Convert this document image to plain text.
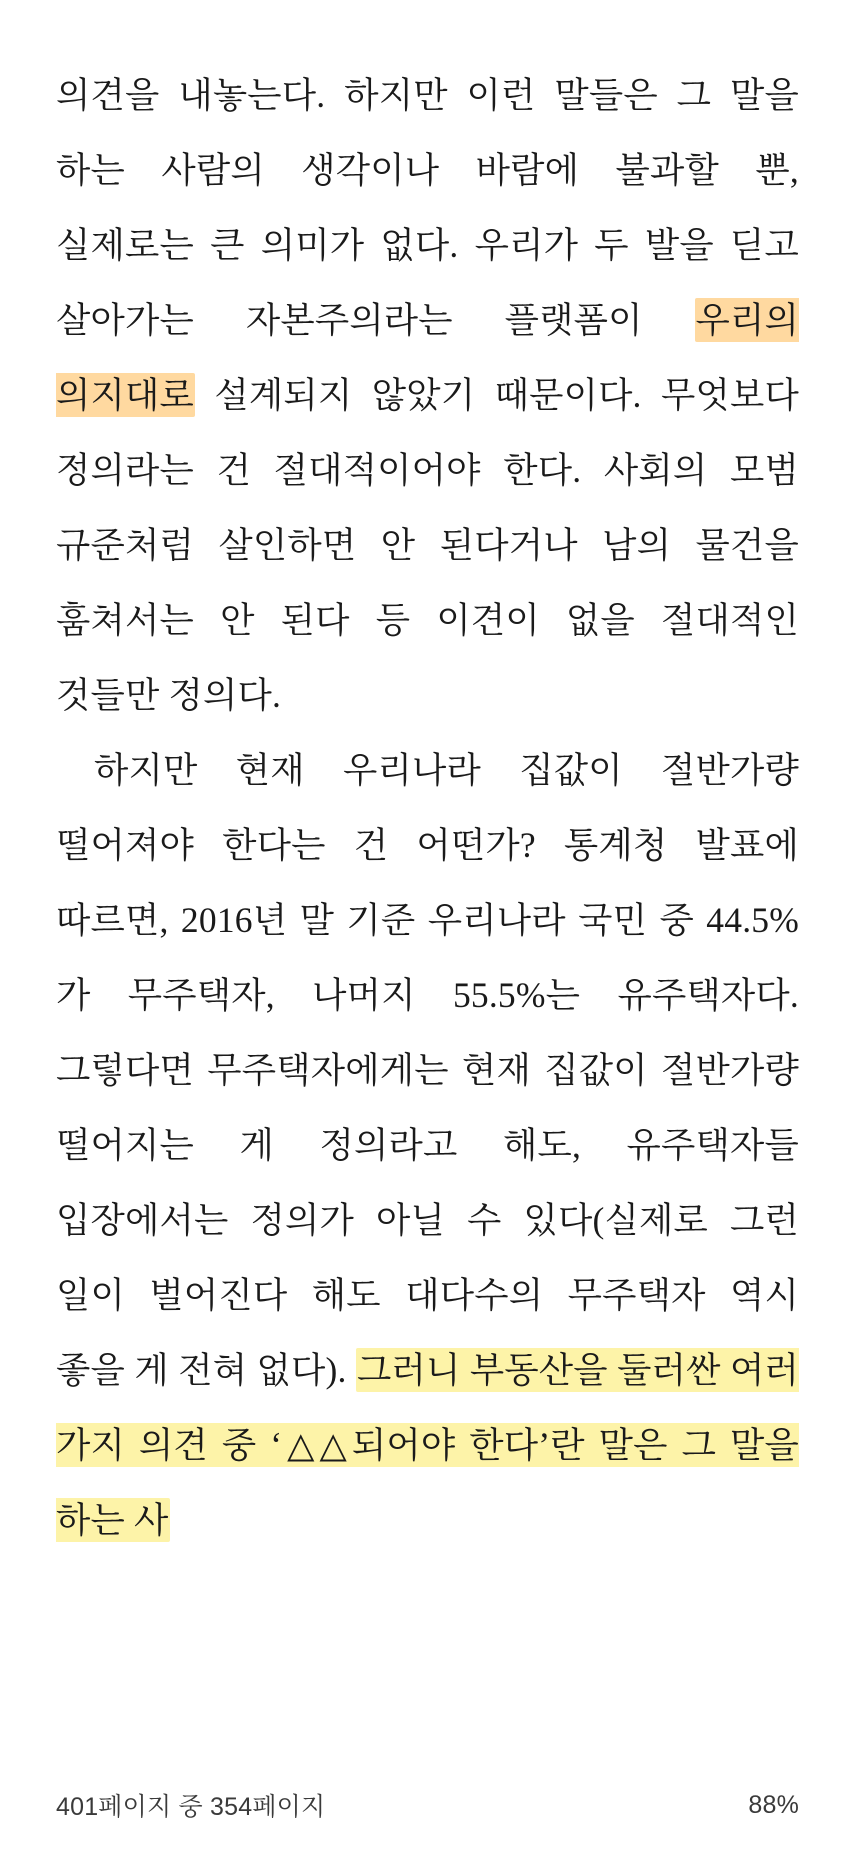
의견을 내놓는다. 하지만 이런 말들은 그 말을 하는 사람의 생각이나 바람에 불과할 뿐, 실제로는 큰 의미가 없다. 우리가 두 발을 딛고 살아가는 자본주의라는 플랫폼이 우리의 의지대로 설계되지 않았기 때문이다. 무엇보다 정의라는 건 절대적이어야 한다. 사회의 모범 규준처럼 살인하면 안 된다거나 남의 물건을 훔쳐서는 안 된다 등 이견이 없을 절대적인 것들만 정의다.

하지만 현재 우리나라 집값이 절반가량 떨어져야 한다는 건 어떤가? 통계청 발표에 따르면, 2016년 말 기준 우리나라 국민 중 44.5%가 무주택자, 나머지 55.5%는 유주택자다. 그렇다면 무주택자에게는 현재 집값이 절반가량 떨어지는 게 정의라고 해도, 유주택자들 입장에서는 정의가 아닐 수 있다(실제로 그런 일이 벌어진다 해도 대다수의 무주택자 역시 좋을 게 전혀 없다). 그러니 부동산을 둘러싼 여러 가지 의견 중 ‘△△되어야 한다’란 말은 그 말을 하는 사

401페이지 중 354페이지	88%
